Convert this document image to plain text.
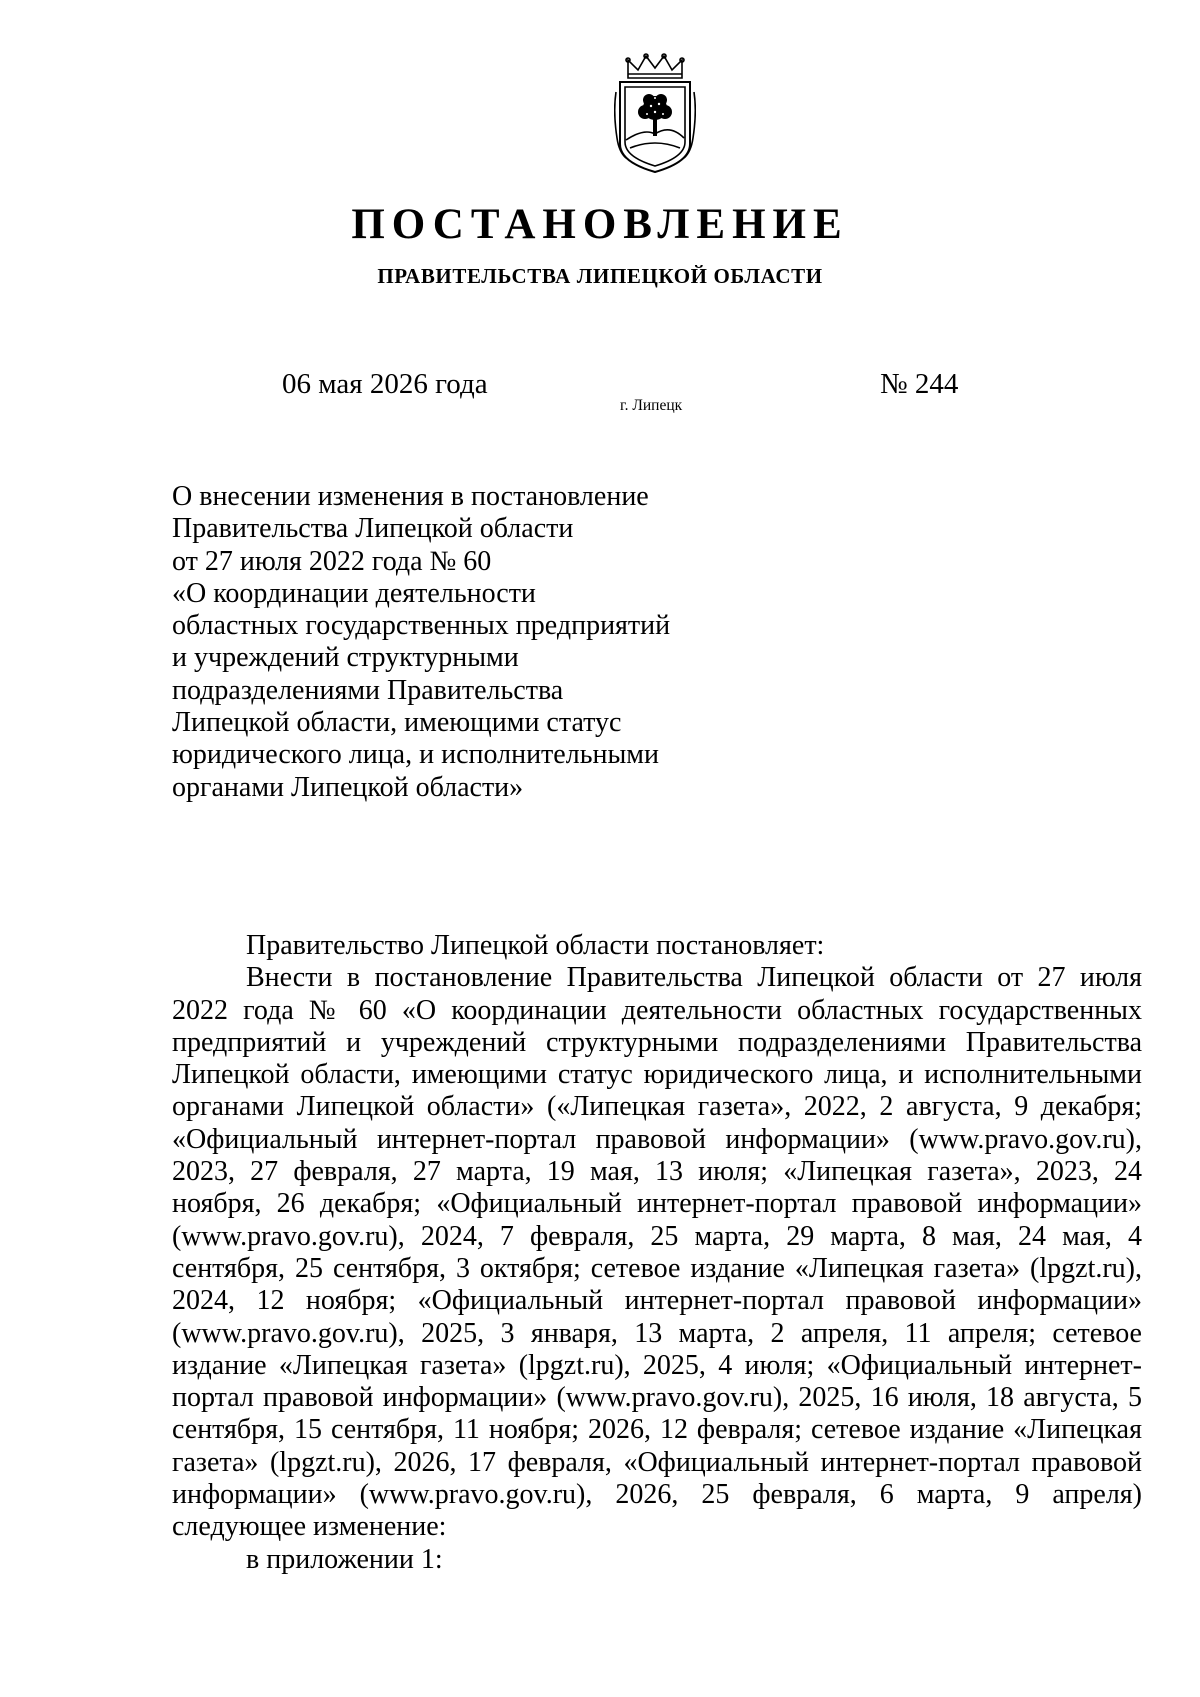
ПОСТАНОВЛЕНИЕ
ПРАВИТЕЛЬСТВА ЛИПЕЦКОЙ ОБЛАСТИ
06 мая 2026 года
г. Липецк
№ 244
О внесении изменения в постановление
Правительства Липецкой области
от 27 июля 2022 года № 60
«О координации деятельности
областных государственных предприятий
и учреждений структурными
подразделениями Правительства
Липецкой области, имеющими статус
юридического лица, и исполнительными
органами Липецкой области»
Правительство Липецкой области постановляет:
Внести в постановление Правительства Липецкой области от 27 июля
2022 года № 60 «О координации деятельности областных государственных
предприятий и учреждений структурными подразделениями Правительства
Липецкой области, имеющими статус юридического лица, и исполнительными
органами Липецкой области» («Липецкая газета», 2022, 2 августа, 9 декабря;
«Официальный интернет-портал правовой информации» (www.pravo.gov.ru),
2023, 27 февраля, 27 марта, 19 мая, 13 июля; «Липецкая газета», 2023, 24
ноября, 26 декабря; «Официальный интернет-портал правовой информации»
(www.pravo.gov.ru), 2024, 7 февраля, 25 марта, 29 марта, 8 мая, 24 мая, 4
сентября, 25 сентября, 3 октября; сетевое издание «Липецкая газета» (lpgzt.ru),
2024, 12 ноября; «Официальный интернет-портал правовой информации»
(www.pravo.gov.ru), 2025, 3 января, 13 марта, 2 апреля, 11 апреля; сетевое
издание «Липецкая газета» (lpgzt.ru), 2025, 4 июля; «Официальный интернет-
портал правовой информации» (www.pravo.gov.ru), 2025, 16 июля, 18 августа, 5
сентября, 15 сентября, 11 ноября; 2026, 12 февраля; сетевое издание «Липецкая
газета» (lpgzt.ru), 2026, 17 февраля, «Официальный интернет-портал правовой
информации» (www.pravo.gov.ru), 2026, 25 февраля, 6 марта, 9 апреля)
следующее изменение:
в приложении 1:
